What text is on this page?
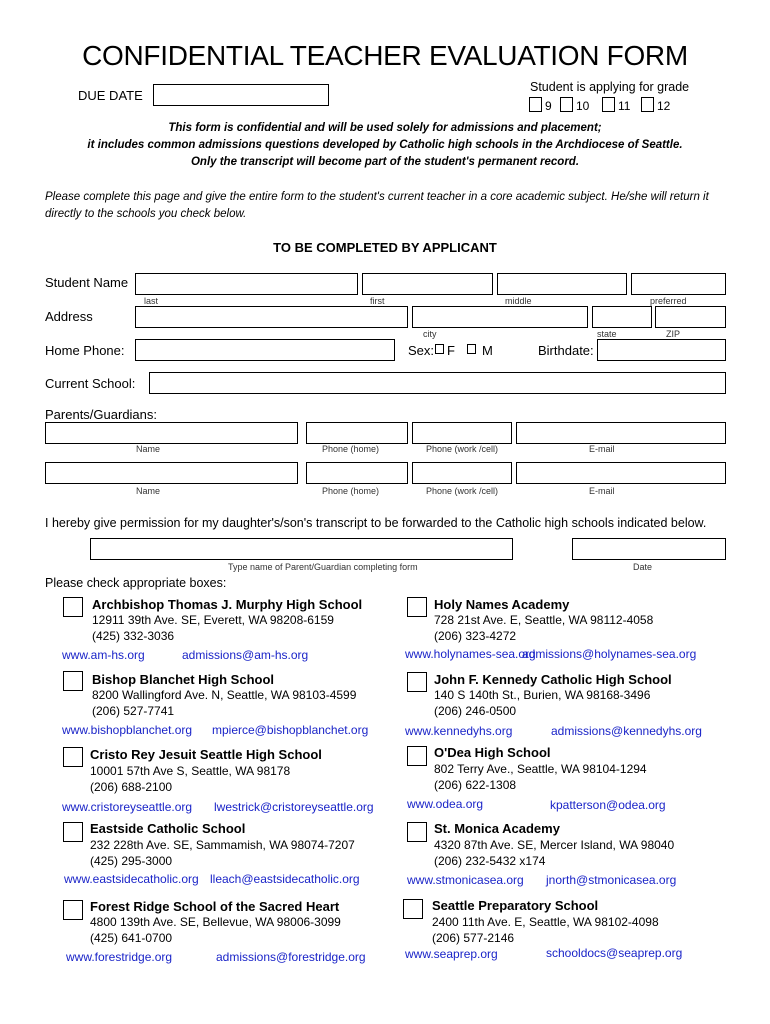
CONFIDENTIAL TEACHER EVALUATION FORM
DUE DATE
Student is applying for grade
9 10 11 12
This form is confidential and will be used solely for admissions and placement;
it includes common admissions questions developed by Catholic high schools in the Archdiocese of Seattle.
Only the transcript will become part of the student's permanent record.
Please complete this page and give the entire form to the student's current teacher in a core academic subject. He/she will return it
directly to the schools you check below.
TO BE COMPLETED BY APPLICANT
Student Name
last	first	middle	preferred
Address
city	state	ZIP
Home Phone:	Sex: F M	Birthdate:
Current School:
Parents/Guardians:
Name	Phone (home)	Phone (work /cell)	E-mail
Name	Phone (home)	Phone (work /cell)	E-mail
I hereby give permission for my daughter's/son's transcript to be forwarded to the Catholic high schools indicated below.
Type name of Parent/Guardian completing form	Date
Please check appropriate boxes:
Archbishop Thomas J. Murphy High School
12911 39th Ave. SE, Everett, WA 98208-6159
(425) 332-3036
www.am-hs.org	admissions@am-hs.org
Bishop Blanchet High School
8200 Wallingford Ave. N, Seattle, WA 98103-4599
(206) 527-7741
www.bishopblanchet.org mpierce@bishopblanchet.org
Cristo Rey Jesuit Seattle High School
10001 57th Ave S, Seattle, WA 98178
(206) 688-2100
www.cristoreyseattle.org lwestrick@cristoreyseattle.org
Eastside Catholic School
232 228th Ave. SE, Sammamish, WA 98074-7207
(425) 295-3000
www.eastsidecatholic.org lleach@eastsidecatholic.org
Forest Ridge School of the Sacred Heart
4800 139th Ave. SE, Bellevue, WA 98006-3099
(425) 641-0700
www.forestridge.org	admissions@forestridge.org
Holy Names Academy
728 21st Ave. E, Seattle, WA 98112-4058
(206) 323-4272
www.holynames-sea.org
admissions@holynames-sea.org
John F. Kennedy Catholic High School
140 S 140th St., Burien, WA 98168-3496
(206) 246-0500
www.kennedyhs.org	admissions@kennedyhs.org
O'Dea High School
802 Terry Ave., Seattle, WA 98104-1294
(206) 622-1308
www.odea.org	kpatterson@odea.org
St. Monica Academy
4320 87th Ave. SE, Mercer Island, WA 98040
(206) 232-5432 x174
www.stmonicasea.org jnorth@stmonicasea.org
Seattle Preparatory School
2400 11th Ave. E, Seattle, WA 98102-4098
(206) 577-2146
www.seaprep.org	schooldocs@seaprep.org
